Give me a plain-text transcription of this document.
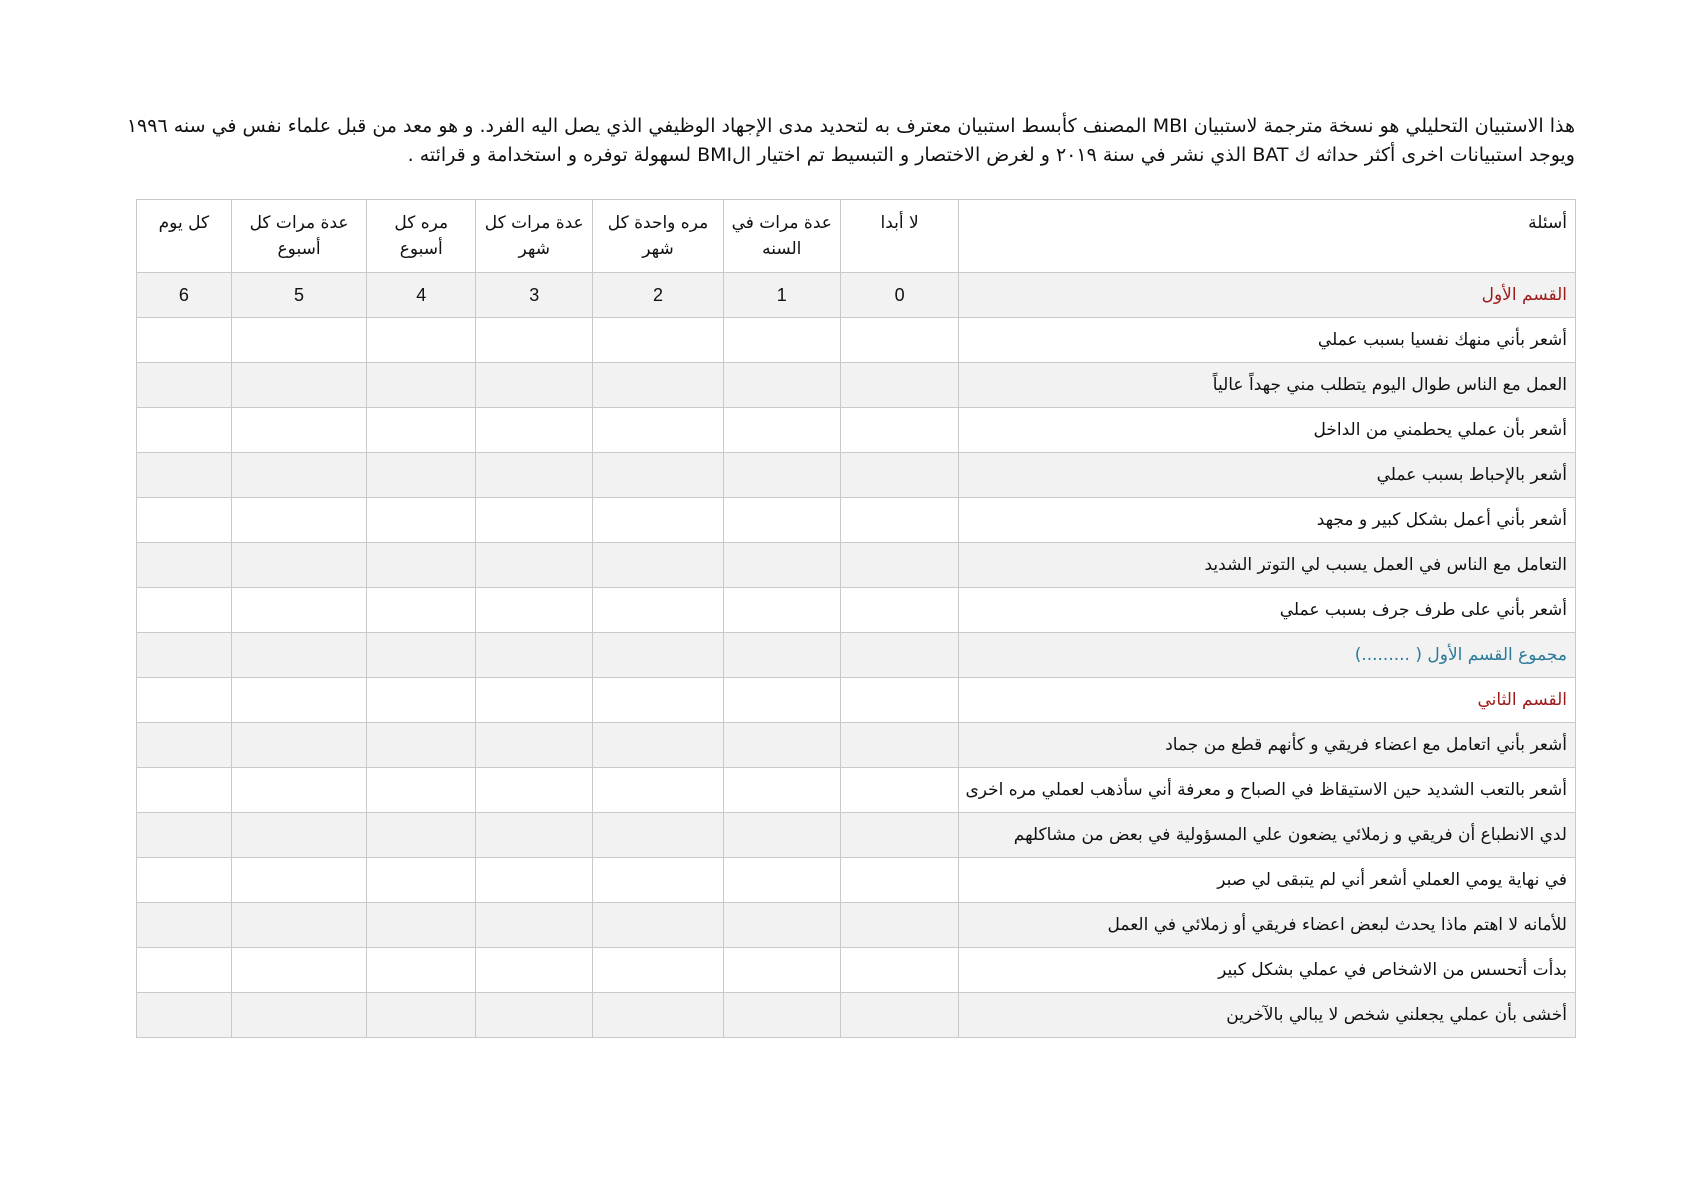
هذا الاستبيان التحليلي هو نسخة مترجمة لاستبيان MBI المصنف كأبسط استبيان معترف به لتحديد مدى الإجهاد الوظيفي الذي يصل اليه الفرد. و هو معد من قبل علماء نفس في سنه ١٩٩٦

ويوجد استبيانات اخرى أكثر حداثه ك BAT الذي نشر في سنة ٢٠١٩ و لغرض الاختصار و التبسيط تم اختيار الBMI لسهولة توفره و استخدامة و قرائته .

أسئلة	لا أبدا	عدة مرات في السنه	مره واحدة كل شهر	عدة مرات كل شهر	مره كل أسبوع	عدة مرات كل أسبوع	كل يوم
القسم الأول	0	1	2	3	4	5	6
أشعر بأني منهك نفسيا بسبب عملي							
العمل مع الناس طوال اليوم يتطلب مني جهداً عالياً							
أشعر بأن عملي يحطمني من الداخل							
أشعر بالإحباط بسبب عملي							
أشعر بأني أعمل بشكل كبير و مجهد							
التعامل مع الناس في العمل يسبب لي التوتر الشديد							
أشعر بأني على طرف جرف بسبب عملي							
مجموع القسم الأول ( .........)							
القسم الثاني							
أشعر بأني اتعامل مع اعضاء فريقي و كأنهم قطع من جماد							
أشعر بالتعب الشديد حين الاستيقاظ في الصباح و معرفة أني سأذهب لعملي مره اخرى							
لدي الانطباع أن فريقي و زملائي يضعون علي المسؤولية في بعض من مشاكلهم							
في نهاية يومي العملي أشعر أني لم يتبقى لي صبر							
للأمانه لا اهتم ماذا يحدث لبعض اعضاء فريقي أو زملائي في العمل							
بدأت أتحسس من الاشخاص في عملي بشكل كبير							
أخشى بأن عملي يجعلني شخص لا يبالي بالآخرين							
